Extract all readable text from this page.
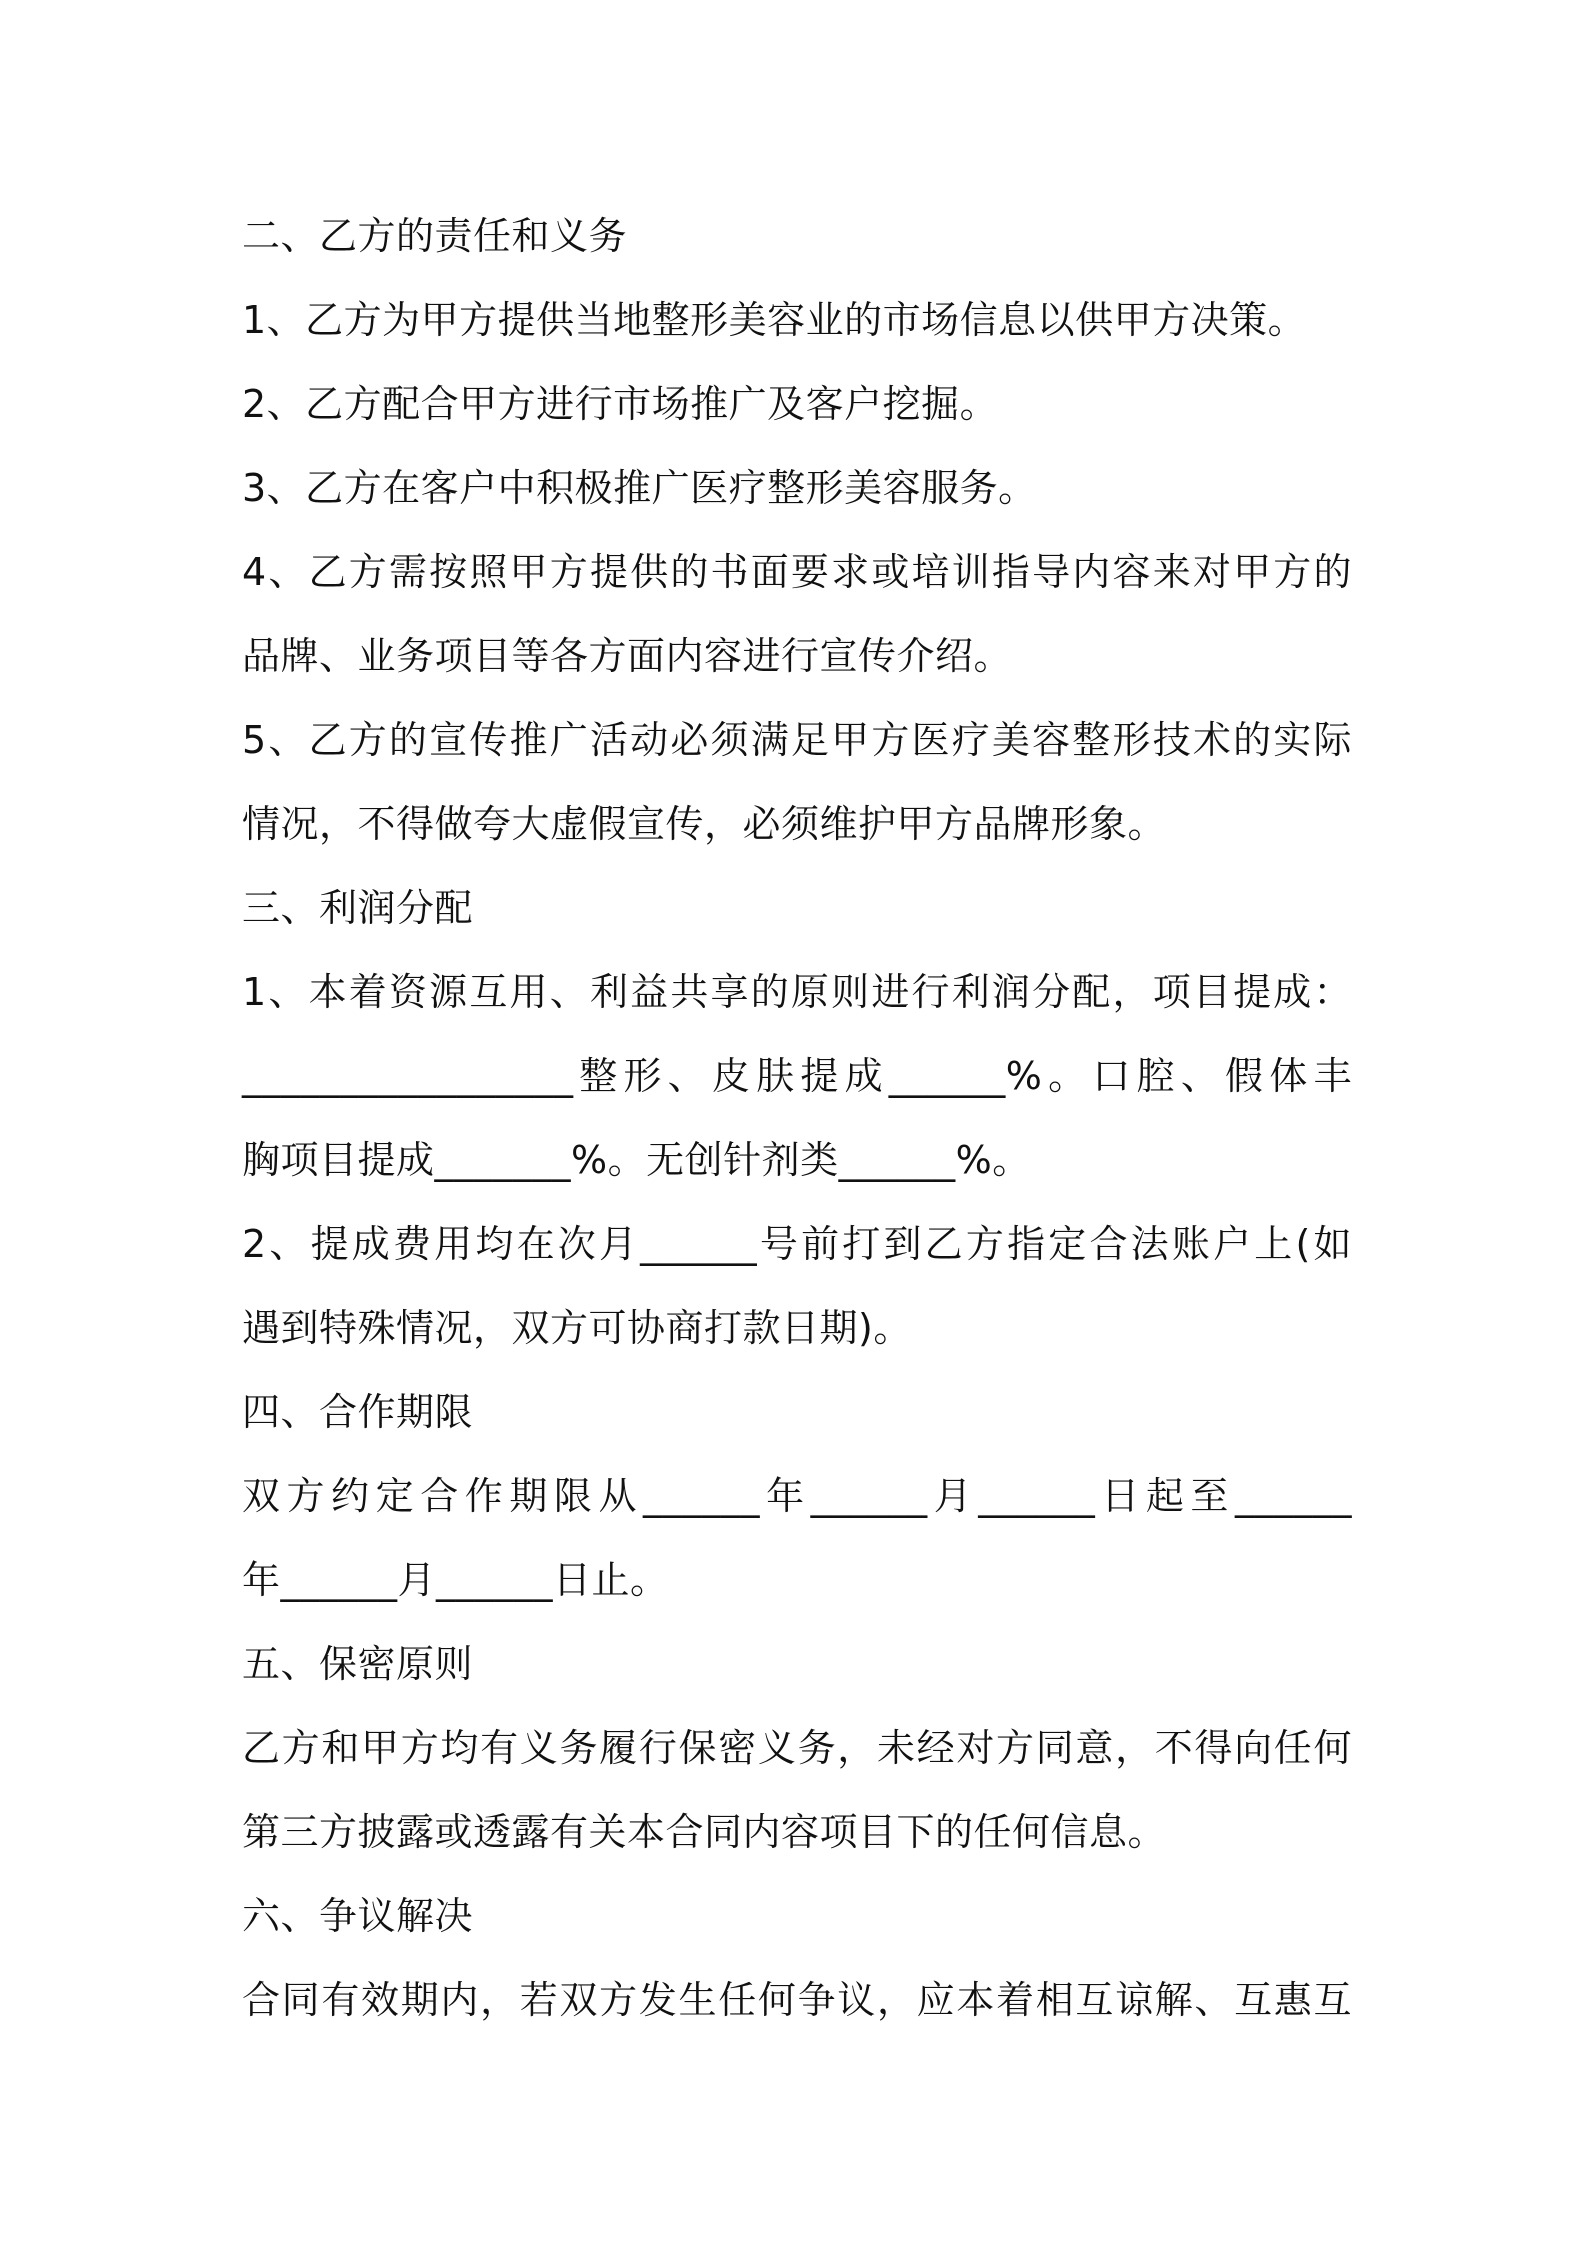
二、乙方的责任和义务
1、乙方为甲方提供当地整形美容业的市场信息以供甲方决策。
2、乙方配合甲方进行市场推广及客户挖掘。
3、乙方在客户中积极推广医疗整形美容服务。
4、乙方需按照甲方提供的书面要求或培训指导内容来对甲方的
品牌、业务项目等各方面内容进行宣传介绍。
5、乙方的宣传推广活动必须满足甲方医疗美容整形技术的实际
情况，不得做夸大虚假宣传，必须维护甲方品牌形象。
三、利润分配
1、本着资源互用、利益共享的原则进行利润分配，项目提成：
_________________整形、皮肤提成______%。口腔、假体丰
胸项目提成_______%。无创针剂类______%。
2、提成费用均在次月______号前打到乙方指定合法账户上(如
遇到特殊情况，双方可协商打款日期)。
四、合作期限
双方约定合作期限从______年______月______日起至______
年______月______日止。
五、保密原则
乙方和甲方均有义务履行保密义务，未经对方同意，不得向任何
第三方披露或透露有关本合同内容项目下的任何信息。
六、争议解决
合同有效期内，若双方发生任何争议，应本着相互谅解、互惠互
